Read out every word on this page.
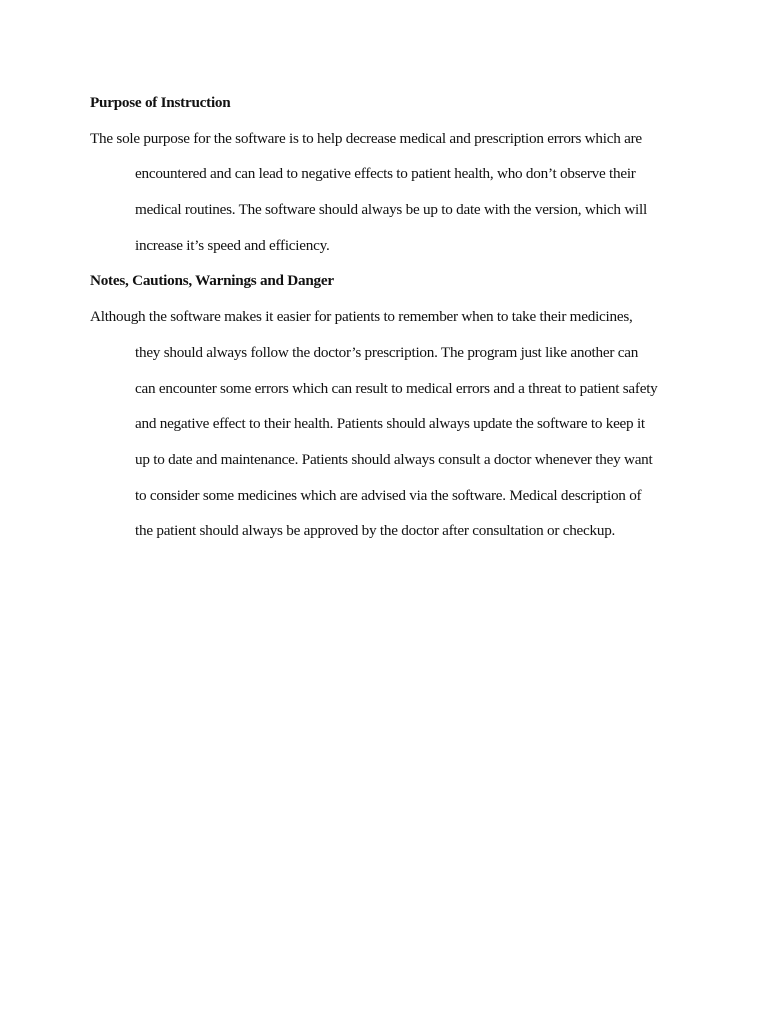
Purpose of Instruction
The sole purpose for the software is to help decrease medical and prescription errors which are
encountered and can lead to negative effects to patient health, who don’t observe their
medical routines. The software should always be up to date with the version, which will
increase it’s speed and efficiency.
Notes, Cautions, Warnings and Danger
Although the software makes it easier for patients to remember when to take their medicines,
they should always follow the doctor’s prescription. The program just like another can
can encounter some errors which can result to medical errors and a threat to patient safety
and negative effect to their health. Patients should always update the software to keep it
up to date and maintenance. Patients should always consult a doctor whenever they want
to consider some medicines which are advised via the software. Medical description of
the patient should always be approved by the doctor after consultation or checkup.
